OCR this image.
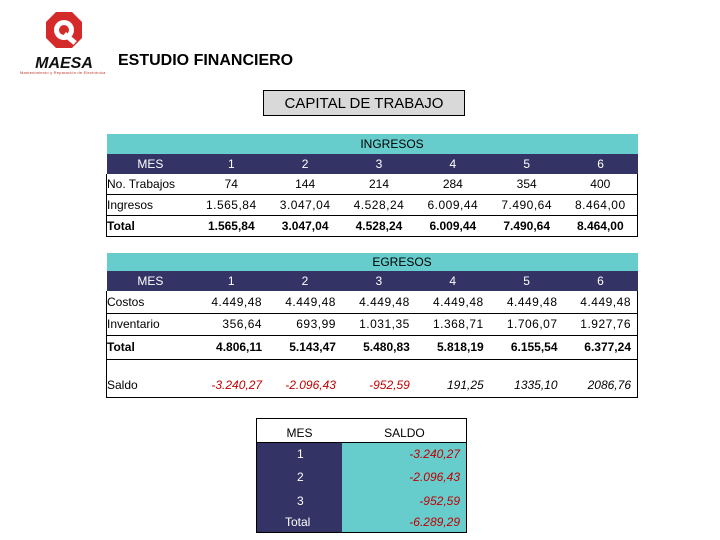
MAESA
Mantenimiento y Reparación de Electrónica
ESTUDIO FINANCIERO
CAPITAL DE TRABAJO
INGRESOS						
MES	1	2	3	4	5	6
No. Trabajos	74	144	214	284	354	400
Ingresos	1.565,84	3.047,04	4.528,24	6.009,44	7.490,64	8.464,00
Total	1.565,84	3.047,04	4.528,24	6.009,44	7.490,64	8.464,00
EGRESOS						
MES	1	2	3	4	5	6
Costos	4.449,48	4.449,48	4.449,48	4.449,48	4.449,48	4.449,48
Inventario	356,64	693,99	1.031,35	1.368,71	1.706,07	1.927,76
Total	4.806,11	5.143,47	5.480,83	5.818,19	6.155,54	6.377,24

Saldo	-3.240,27	-2.096,43	-952,59	191,25	1335,10	2086,76
MES	SALDO
1	-3.240,27
2	-2.096,43
3	-952,59
Total	-6.289,29
